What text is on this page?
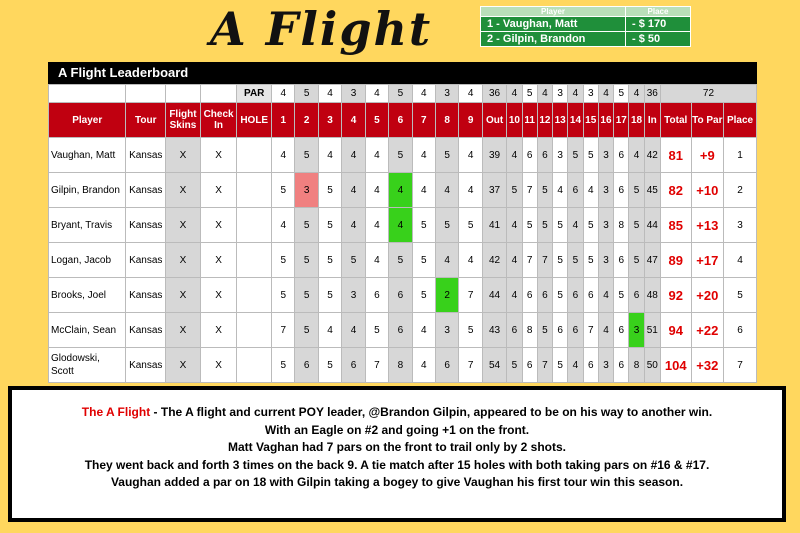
A Flight	Player	Place
1 - Vaughan, Matt	- $ 170
2 - Gilpin, Brandon	- $ 50
A Flight Leaderboard
				PAR	4	5	4	3	4	5	4	3	4	36	4	5	4	3	4	3	4	5	4	36	72		
Player	Tour	Flight Skins	Check In	HOLE	1	2	3	4	5	6	7	8	9	Out	10	11	12	13	14	15	16	17	18	In	Total	To Par	Place
Vaughan, Matt	Kansas	X	X		4	5	4	4	4	5	4	5	4	39	4	6	6	3	5	5	3	6	4	42	81	+9	1
Gilpin, Brandon	Kansas	X	X		5	3	5	4	4	4	4	4	4	37	5	7	5	4	6	4	3	6	5	45	82	+10	2
Bryant, Travis	Kansas	X	X		4	5	5	4	4	4	5	5	5	41	4	5	5	5	4	5	3	8	5	44	85	+13	3
Logan, Jacob	Kansas	X	X		5	5	5	5	4	5	5	4	4	42	4	7	7	5	5	5	3	6	5	47	89	+17	4
Brooks, Joel	Kansas	X	X		5	5	5	3	6	6	5	2	7	44	4	6	6	5	6	6	4	5	6	48	92	+20	5
McClain, Sean	Kansas	X	X		7	5	4	4	5	6	4	3	5	43	6	8	5	6	6	7	4	6	3	51	94	+22	6
Glodowski, Scott	Kansas	X	X		5	6	5	6	7	8	4	6	7	54	5	6	7	5	4	6	3	6	8	50	104	+32	7
The A Flight - The A flight and current POY leader, @Brandon Gilpin, appeared to be on his way to another win.
With an Eagle on #2 and going +1 on the front.
Matt Vaghan had 7 pars on the front to trail only by 2 shots.
They went back and forth 3 times on the back 9. A tie match after 15 holes with both taking pars on #16 & #17.
Vaughan added a par on 18 with Gilpin taking a bogey to give Vaughan his first tour win this season.
